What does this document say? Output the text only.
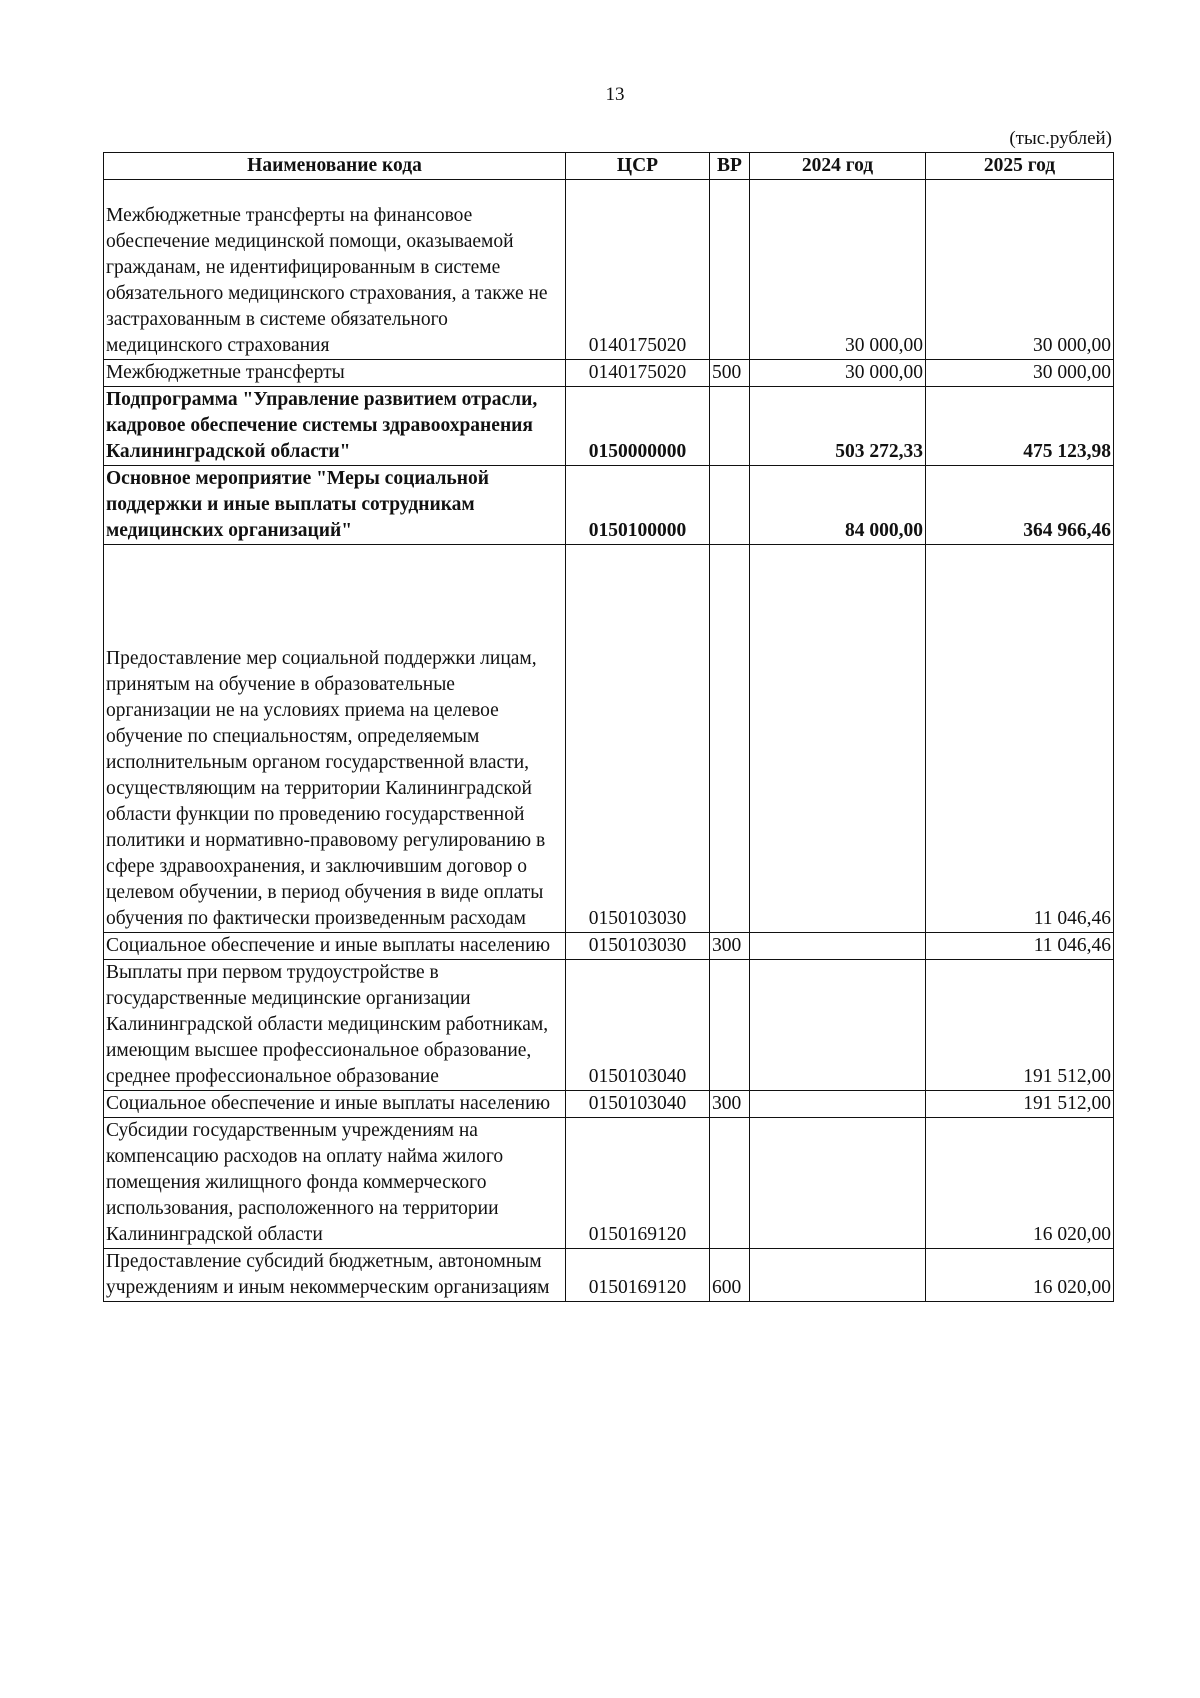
13
(тыс.рублей)
Наименование кода	ЦСР	ВР	2024 год	2025 год
Межбюджетные трансферты на финансовое обеспечение медицинской помощи, оказываемой гражданам, не идентифицированным в системе обязательного медицинского страхования, а также не застрахованным в системе обязательного медицинского страхования	0140175020		30 000,00	30 000,00
Межбюджетные трансферты	0140175020	500	30 000,00	30 000,00
Подпрограмма "Управление развитием отрасли, кадровое обеспечение системы здравоохранения Калининградской области"	0150000000		503 272,33	475 123,98
Основное мероприятие "Меры социальной поддержки и иные выплаты сотрудникам медицинских организаций"	0150100000		84 000,00	364 966,46
Предоставление мер социальной поддержки лицам, принятым на обучение в образовательные организации не на условиях приема на целевое обучение по специальностям, определяемым исполнительным органом государственной власти, осуществляющим на территории Калининградской области функции по проведению государственной политики и нормативно-правовому регулированию в сфере здравоохранения, и заключившим договор о целевом обучении, в период обучения в виде оплаты обучения по фактически произведенным расходам	0150103030			11 046,46
Социальное обеспечение и иные выплаты населению	0150103030	300		11 046,46
Выплаты при первом трудоустройстве в государственные медицинские организации Калининградской области медицинским работникам, имеющим высшее профессиональное образование, среднее профессиональное образование	0150103040			191 512,00
Социальное обеспечение и иные выплаты населению	0150103040	300		191 512,00
Субсидии государственным учреждениям на компенсацию расходов на оплату найма жилого помещения жилищного фонда коммерческого использования, расположенного на территории Калининградской области	0150169120			16 020,00
Предоставление субсидий бюджетным, автономным учреждениям и иным некоммерческим организациям	0150169120	600		16 020,00
